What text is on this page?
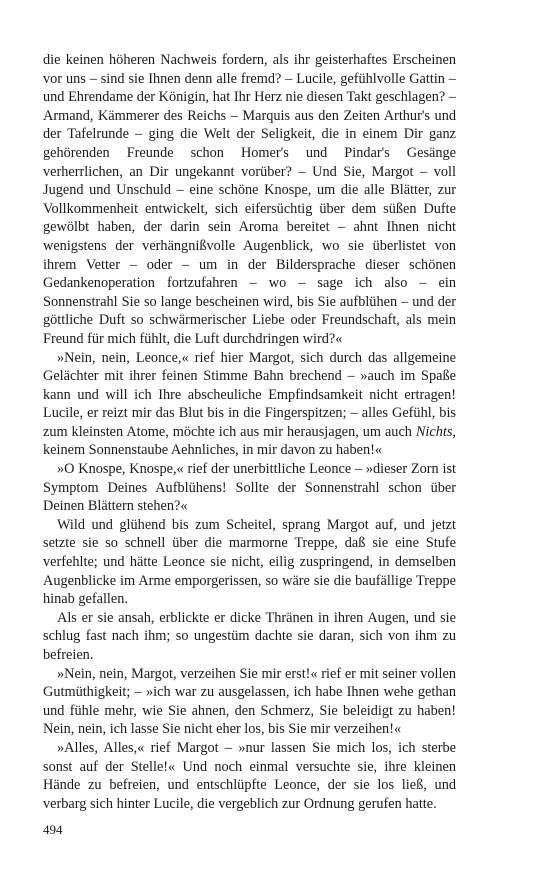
die keinen höheren Nachweis fordern, als ihr geisterhaftes Erscheinen vor uns – sind sie Ihnen denn alle fremd? – Lucile, gefühlvolle Gattin – und Ehrendame der Königin, hat Ihr Herz nie diesen Takt geschlagen? – Armand, Kämmerer des Reichs – Marquis aus den Zeiten Arthur's und der Tafelrunde – ging die Welt der Seligkeit, die in einem Dir ganz gehörenden Freunde schon Homer's und Pindar's Gesänge verherrlichen, an Dir ungekannt vorüber? – Und Sie, Margot – voll Jugend und Unschuld – eine schöne Knospe, um die alle Blätter, zur Vollkommenheit entwickelt, sich eifersüchtig über dem süßen Dufte gewölbt haben, der darin sein Aroma bereitet – ahnt Ihnen nicht wenigstens der verhängnißvolle Augenblick, wo sie überlistet von ihrem Vetter – oder – um in der Bildersprache dieser schönen Gedankenoperation fortzufahren – wo – sage ich also – ein Sonnenstrahl Sie so lange bescheinen wird, bis Sie aufblühen – und der göttliche Duft so schwärmerischer Liebe oder Freundschaft, als mein Freund für mich fühlt, die Luft durchdringen wird?«

»Nein, nein, Leonce,« rief hier Margot, sich durch das allgemeine Gelächter mit ihrer feinen Stimme Bahn brechend – »auch im Spaße kann und will ich Ihre abscheuliche Empfindsamkeit nicht ertragen! Lucile, er reizt mir das Blut bis in die Fingerspitzen; – alles Gefühl, bis zum kleinsten Atome, möchte ich aus mir herausjagen, um auch Nichts, keinem Sonnenstaube Aehnliches, in mir davon zu haben!«

»O Knospe, Knospe,« rief der unerbittliche Leonce – »dieser Zorn ist Symptom Deines Aufblühens! Sollte der Sonnenstrahl schon über Deinen Blättern stehen?«

Wild und glühend bis zum Scheitel, sprang Margot auf, und jetzt setzte sie so schnell über die marmorne Treppe, daß sie eine Stufe verfehlte; und hätte Leonce sie nicht, eilig zuspringend, in demselben Augenblicke im Arme emporgerissen, so wäre sie die baufällige Treppe hinab gefallen.

Als er sie ansah, erblickte er dicke Thränen in ihren Augen, und sie schlug fast nach ihm; so ungestüm dachte sie daran, sich von ihm zu befreien.

»Nein, nein, Margot, verzeihen Sie mir erst!« rief er mit seiner vollen Gutmüthigkeit; – »ich war zu ausgelassen, ich habe Ihnen wehe gethan und fühle mehr, wie Sie ahnen, den Schmerz, Sie beleidigt zu haben! Nein, nein, ich lasse Sie nicht eher los, bis Sie mir verzeihen!«

»Alles, Alles,« rief Margot – »nur lassen Sie mich los, ich sterbe sonst auf der Stelle!« Und noch einmal versuchte sie, ihre kleinen Hände zu befreien, und entschlüpfte Leonce, der sie los ließ, und verbarg sich hinter Lucile, die vergeblich zur Ordnung gerufen hatte.

494
